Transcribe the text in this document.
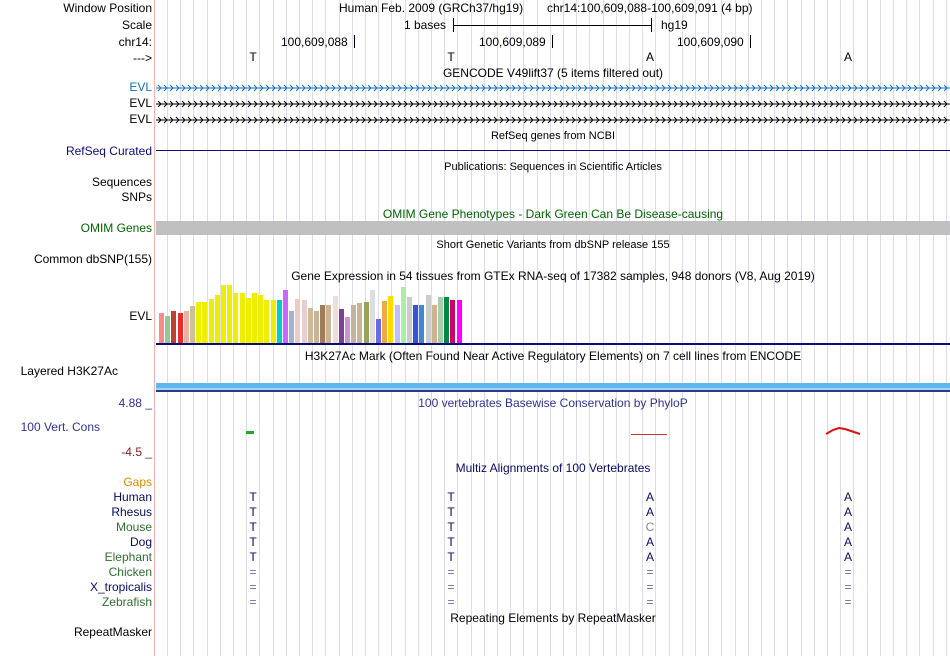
Window Position	Human Feb. 2009 (GRCh37/hg19) chr14:100,609,088-100,609,091 (4 bp)
Scale	1 bases	hg19
chr14:	100,609,088	100,609,089	100,609,090
--->	T	T	A	A
GENCODE V49lift37 (5 items filtered out)
EVL
EVL
EVL
RefSeq genes from NCBI
RefSeq Curated
Publications: Sequences in Scientific Articles
Sequences
SNPs
OMIM Gene Phenotypes - Dark Green Can Be Disease-causing
OMIM Genes
Short Genetic Variants from dbSNP release 155
Common dbSNP(155)
Gene Expression in 54 tissues from GTEx RNA-seq of 17382 samples, 948 donors (V8, Aug 2019)
EVL
H3K27Ac Mark (Often Found Near Active Regulatory Elements) on 7 cell lines from ENCODE
Layered H3K27Ac
100 vertebrates Basewise Conservation by PhyloP
4.88 _
100 Vert. Cons
-4.5 _
Multiz Alignments of 100 Vertebrates
Gaps
Human	T	T	A	A
Rhesus	T	T	A	A
Mouse	T	T	C	A
Dog	T	T	A	A
Elephant	T	T	A	A
Chicken	=	=	=	=
X_tropicalis	=	=	=	=
Zebrafish	=	=	=	=
Repeating Elements by RepeatMasker
RepeatMasker
